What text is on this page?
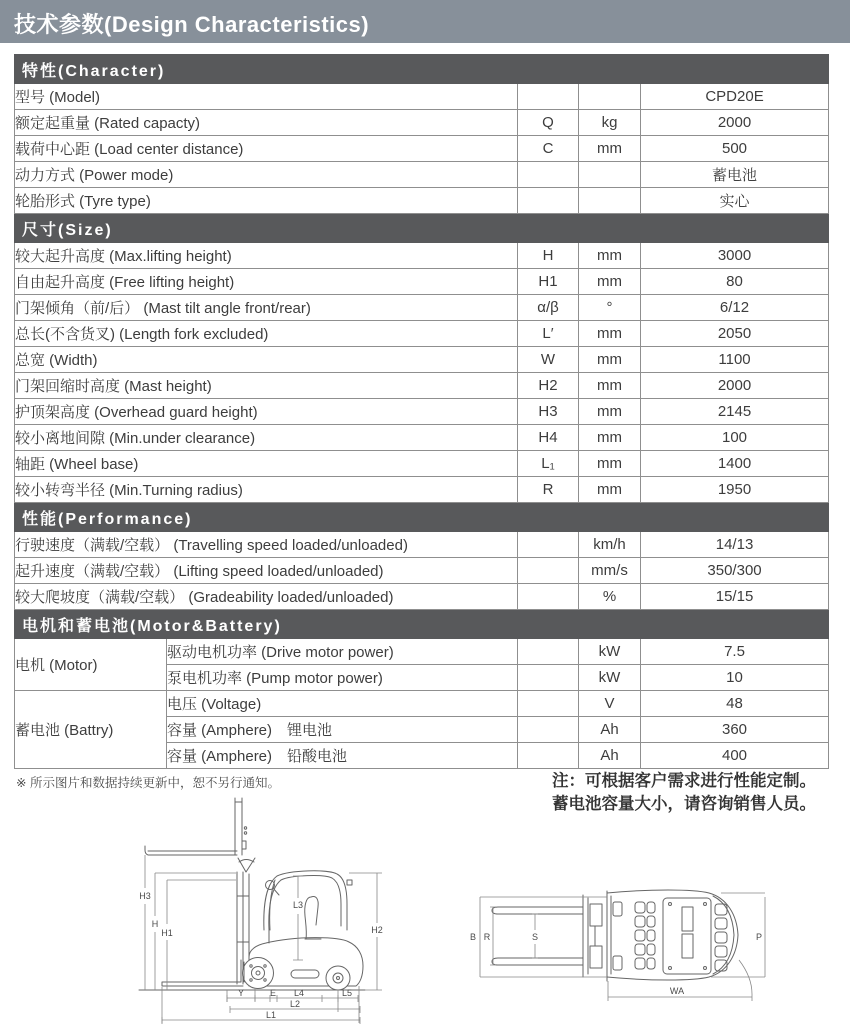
技术参数(Design Characteristics)
特性(Character)				
型号 (Model)				CPD20E
额定起重量 (Rated capacty)		Q	kg	2000
载荷中心距 (Load center distance)		C	mm	500
动力方式 (Power mode)				蓄电池
轮胎形式 (Tyre type)				实心
尺寸(Size)				
较大起升高度 (Max.lifting height)		H	mm	3000
自由起升高度 (Free lifting height)		H1	mm	80
门架倾角（前/后） (Mast tilt angle front/rear)		α/β	°	6/12
总长(不含货叉) (Length fork excluded)		L′	mm	2050
总宽 (Width)		W	mm	1100
门架回缩时高度 (Mast height)		H2	mm	2000
护顶架高度 (Overhead guard height)		H3	mm	2145
较小离地间隙 (Min.under clearance)		H4	mm	100
轴距 (Wheel base)		L₁	mm	1400
较小转弯半径 (Min.Turning radius)		R	mm	1950
性能(Performance)				
行驶速度（满载/空载） (Travelling speed loaded/unloaded)			km/h	14/13
起升速度（满载/空载） (Lifting speed loaded/unloaded)			mm/s	350/300
较大爬坡度（满载/空载） (Gradeability loaded/unloaded)			%	15/15
电机和蓄电池(Motor&Battery)				
电机 (Motor)	驱动电机功率 (Drive motor power)		kW	7.5
	泵电机功率 (Pump motor power)		kW	10
蓄电池 (Battry)	电压 (Voltage)		V	48
	容量 (Amphere)　锂电池		Ah	360
	容量 (Amphere)　铅酸电池		Ah	400
※ 所示图片和数据持续更新中，恕不另行通知。	注：可根据客户需求进行性能定制。
蓄电池容量大小，请咨询销售人员。
H3
H
H1
L3
H2
Y	E L4	L5
L2
L1
B R	S	P
WA
